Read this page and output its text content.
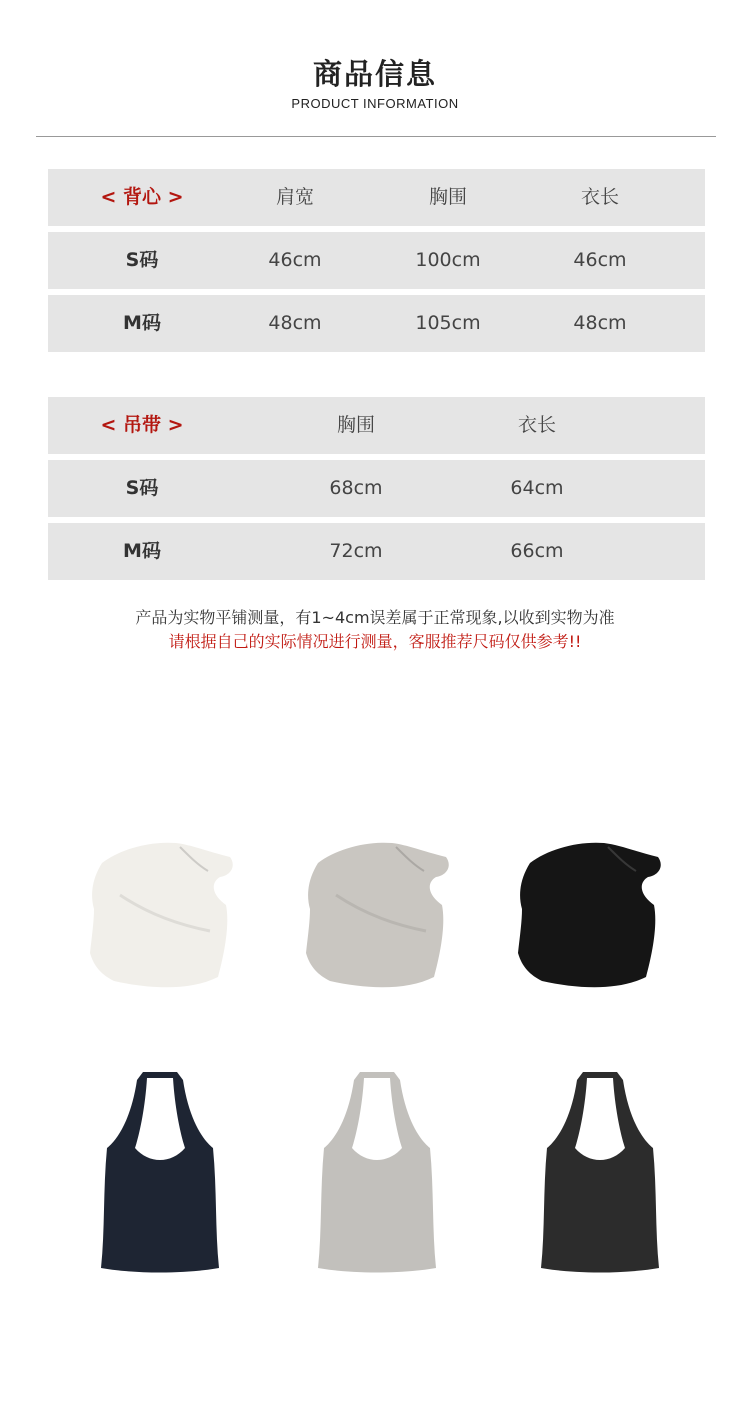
商品信息
PRODUCT INFORMATION
< 背心 >	肩宽	胸围	衣长
S码	46cm	100cm	46cm
M码	48cm	105cm	48cm
< 吊带 >	胸围	衣长
S码	68cm	64cm
M码	72cm	66cm
产品为实物平铺测量，有1~4cm误差属于正常现象,以收到实物为准
请根据自己的实际情况进行测量，客服推荐尺码仅供参考!!
